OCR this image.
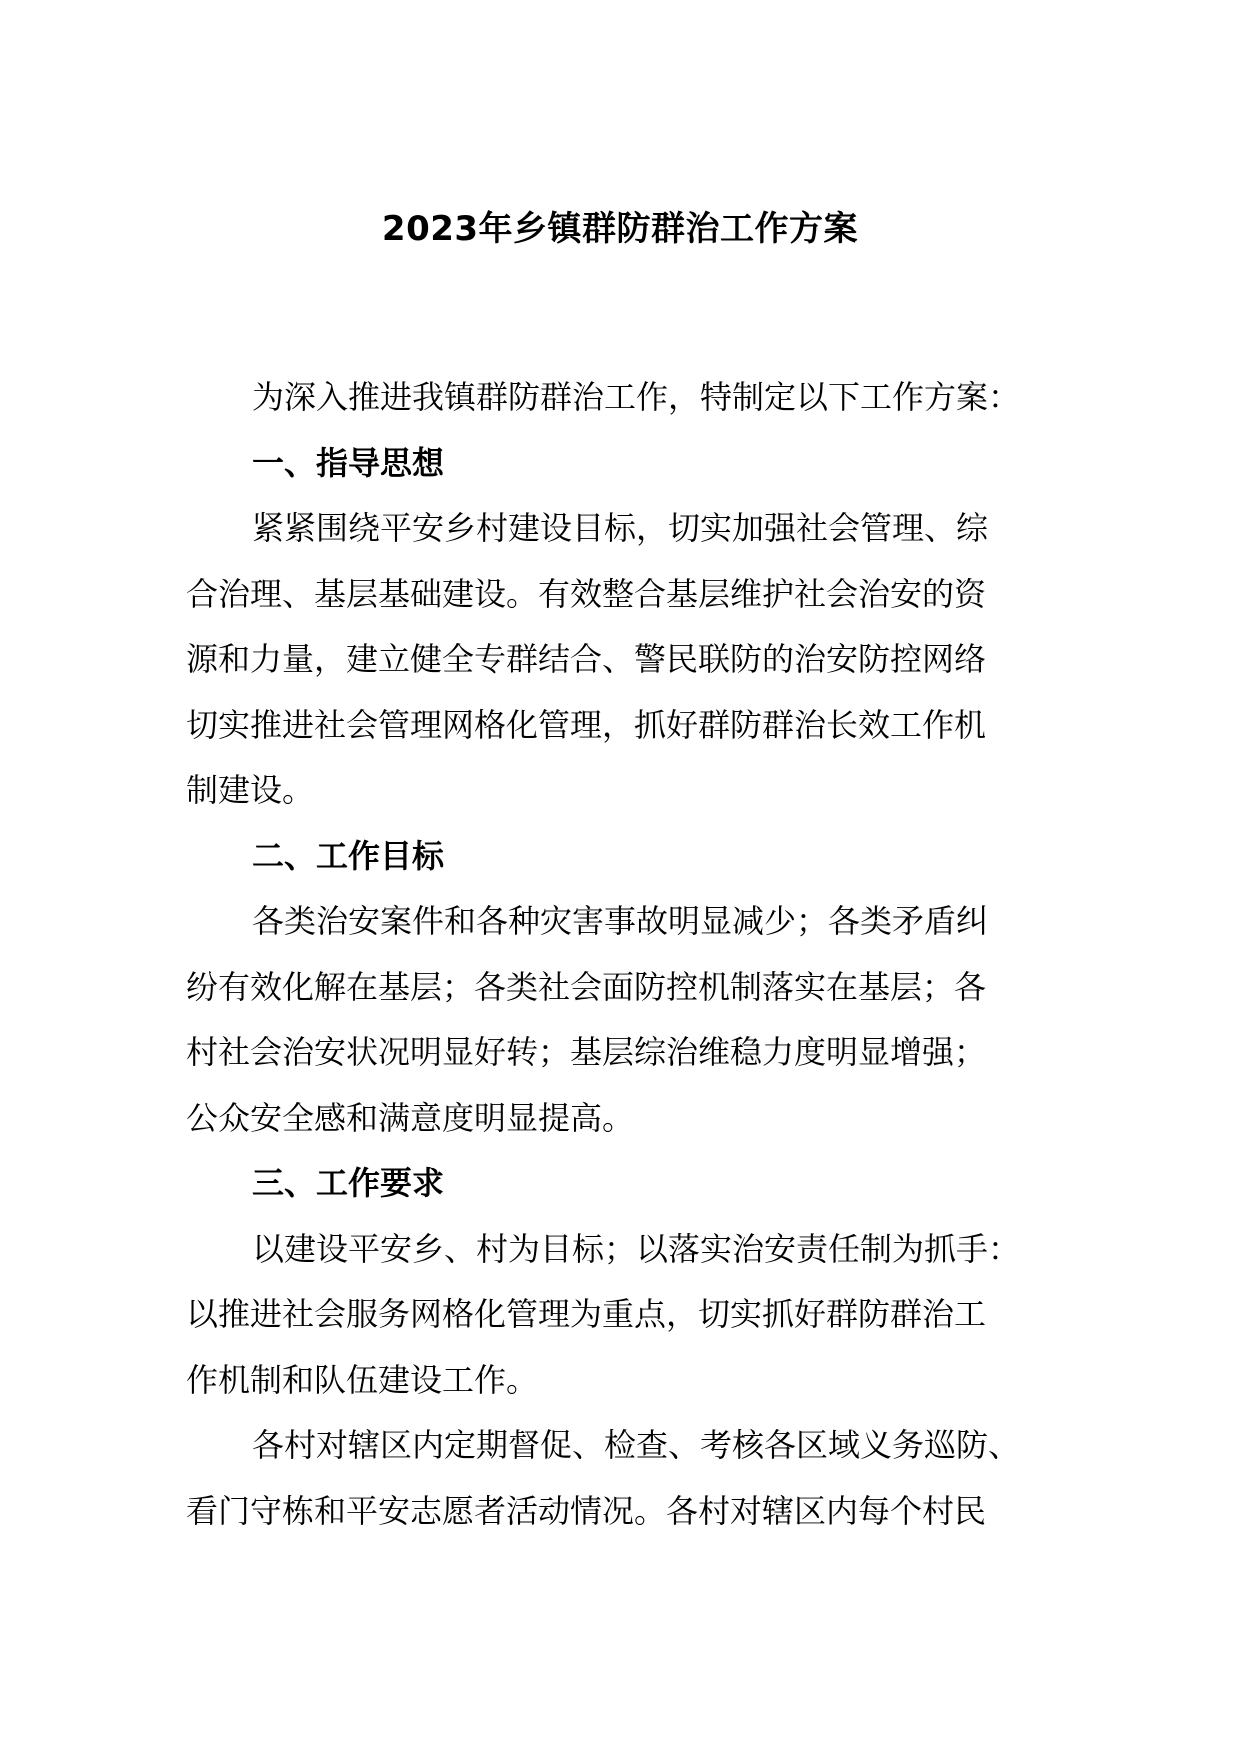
2023年乡镇群防群治工作方案
为深入推进我镇群防群治工作，特制定以下工作方案：
一、指导思想
紧紧围绕平安乡村建设目标，切实加强社会管理、综
合治理、基层基础建设。有效整合基层维护社会治安的资
源和力量，建立健全专群结合、警民联防的治安防控网络
切实推进社会管理网格化管理，抓好群防群治长效工作机
制建设。
二、工作目标
各类治安案件和各种灾害事故明显减少；各类矛盾纠
纷有效化解在基层；各类社会面防控机制落实在基层；各
村社会治安状况明显好转；基层综治维稳力度明显增强；
公众安全感和满意度明显提高。
三、工作要求
以建设平安乡、村为目标；以落实治安责任制为抓手：
以推进社会服务网格化管理为重点，切实抓好群防群治工
作机制和队伍建设工作。
各村对辖区内定期督促、检查、考核各区域义务巡防、
看门守栋和平安志愿者活动情况。各村对辖区内每个村民
